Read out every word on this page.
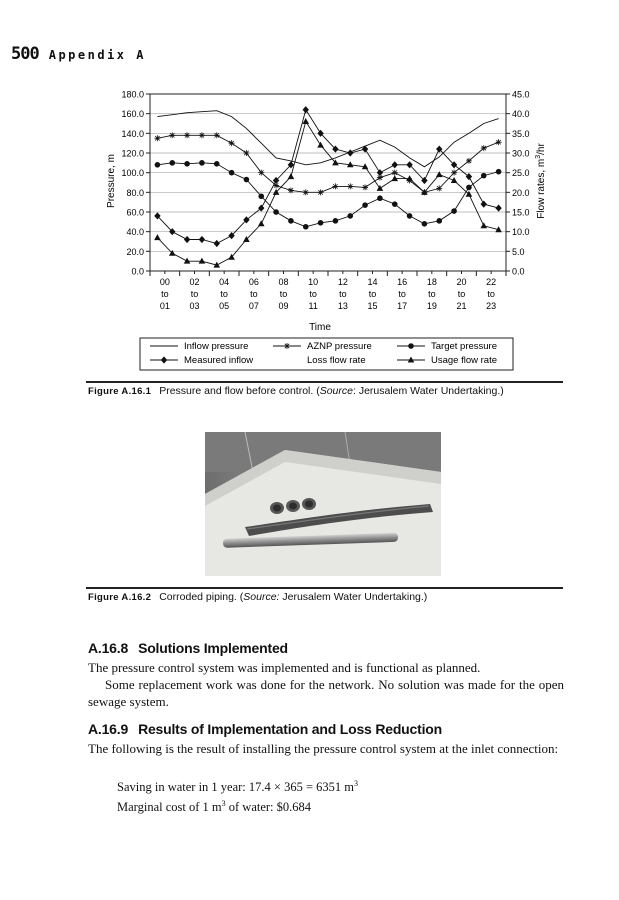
500 Appendix A
0.0
20.0
40.0
60.0
80.0
100.0
120.0
140.0
160.0
180.0
0.0
5.0
10.0
15.0
20.0
25.0
30.0
35.0
40.0
45.0
00
to
01
02
to
03
04
to
05
06
to
07
08
to
09
10
to
11
12
to
13
14
to
15
16
to
17
18
to
19
20
to
21
22
to
23
Pressure, m	Flow rates, $m^3/hr$
Time
Inflow pressure	AZNP pressure	Target pressure
Measured inflow	Loss flow rate	Usage flow rate
Figure A.16.1 Pressure and flow before control. (Source: Jerusalem Water Undertaking.)
Figure A.16.2 Corroded piping. (Source: Jerusalem Water Undertaking.)
A.16.8 Solutions Implemented

The pressure control system was implemented and is functional as planned.

Some replacement work was done for the network. No solution was made for the open sewage system.

A.16.9 Results of Implementation and Loss Reduction

The following is the result of installing the pressure control system at the inlet connection:

Saving in water in 1 year: 17.4 × 365 = 6351 $m^3$
Marginal cost of 1 $m^3$ of water: $0.684
